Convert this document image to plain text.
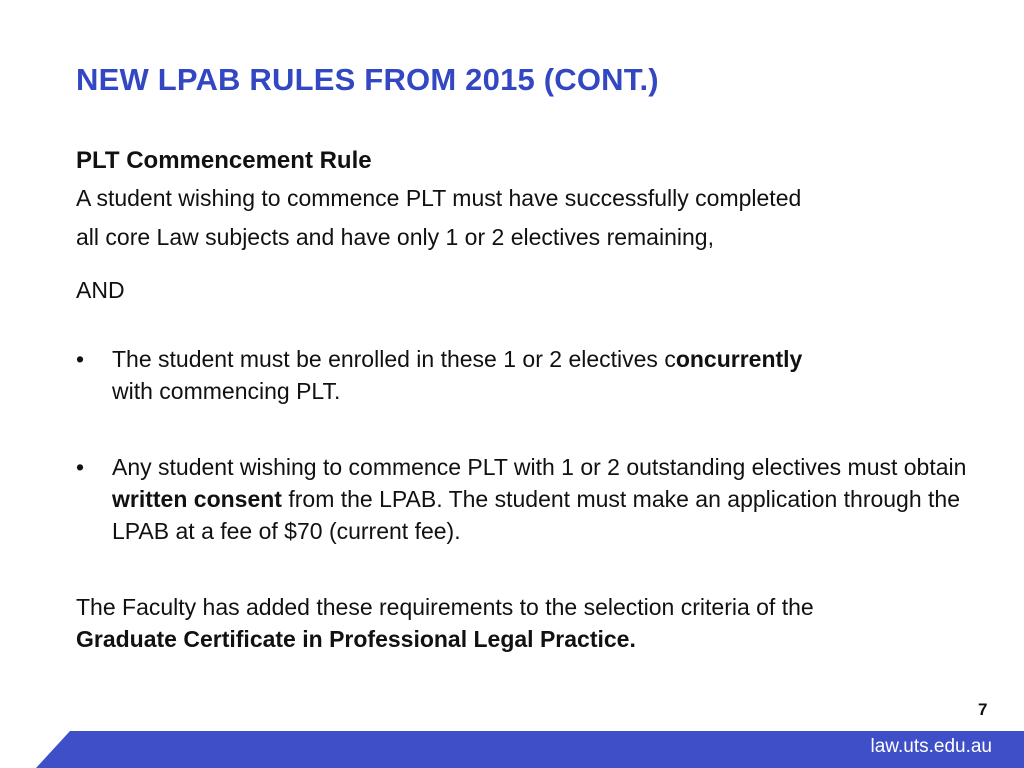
NEW LPAB RULES FROM 2015 (CONT.)

PLT Commencement Rule

A student wishing to commence PLT must have successfully completed
all core Law subjects and have only 1 or 2 electives remaining,

AND

• The student must be enrolled in these 1 or 2 electives concurrently
with commencing PLT.
• Any student wishing to commence PLT with 1 or 2 outstanding electives must obtain written consent from the LPAB. The student must make an application through the LPAB at a fee of $70 (current fee).

The Faculty has added these requirements to the selection criteria of the
Graduate Certificate in Professional Legal Practice.

7
law.uts.edu.au
